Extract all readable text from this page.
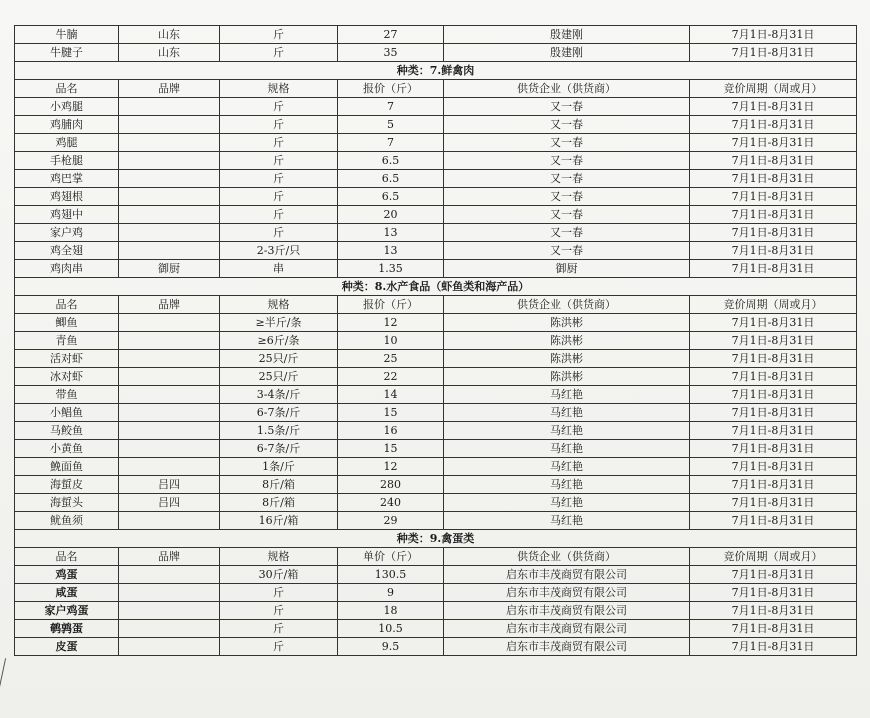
牛腩	山东	斤	27	殷建刚	7月1日-8月31日
牛腱子	山东	斤	35	殷建刚	7月1日-8月31日
种类：7.鲜禽肉					
品名	品牌	规格	报价（斤）	供货企业（供货商）	竞价周期（周或月）
小鸡腿		斤	7	又一春	7月1日-8月31日
鸡脯肉		斤	5	又一春	7月1日-8月31日
鸡腿		斤	7	又一春	7月1日-8月31日
手枪腿		斤	6.5	又一春	7月1日-8月31日
鸡巴掌		斤	6.5	又一春	7月1日-8月31日
鸡翅根		斤	6.5	又一春	7月1日-8月31日
鸡翅中		斤	20	又一春	7月1日-8月31日
家户鸡		斤	13	又一春	7月1日-8月31日
鸡全翅		2-3斤/只	13	又一春	7月1日-8月31日
鸡肉串	御厨	串	1.35	御厨	7月1日-8月31日
种类：8.水产食品（虾鱼类和海产品）					
品名	品牌	规格	报价（斤）	供货企业（供货商）	竞价周期（周或月）
鲫鱼		≥半斤/条	12	陈洪彬	7月1日-8月31日
青鱼		≥6斤/条	10	陈洪彬	7月1日-8月31日
活对虾		25只/斤	25	陈洪彬	7月1日-8月31日
冰对虾		25只/斤	22	陈洪彬	7月1日-8月31日
带鱼		3-4条/斤	14	马红艳	7月1日-8月31日
小鲳鱼		6-7条/斤	15	马红艳	7月1日-8月31日
马鲛鱼		1.5条/斤	16	马红艳	7月1日-8月31日
小黄鱼		6-7条/斤	15	马红艳	7月1日-8月31日
鮸面鱼		1条/斤	12	马红艳	7月1日-8月31日
海蜇皮	吕四	8斤/箱	280	马红艳	7月1日-8月31日
海蜇头	吕四	8斤/箱	240	马红艳	7月1日-8月31日
鱿鱼须		16斤/箱	29	马红艳	7月1日-8月31日
种类：9.禽蛋类					
品名	品牌	规格	单价（斤）	供货企业（供货商）	竞价周期（周或月）
鸡蛋		30斤/箱	130.5	启东市丰茂商贸有限公司	7月1日-8月31日
咸蛋		斤	9	启东市丰茂商贸有限公司	7月1日-8月31日
家户鸡蛋		斤	18	启东市丰茂商贸有限公司	7月1日-8月31日
鹌鹑蛋		斤	10.5	启东市丰茂商贸有限公司	7月1日-8月31日
皮蛋		斤	9.5	启东市丰茂商贸有限公司	7月1日-8月31日
